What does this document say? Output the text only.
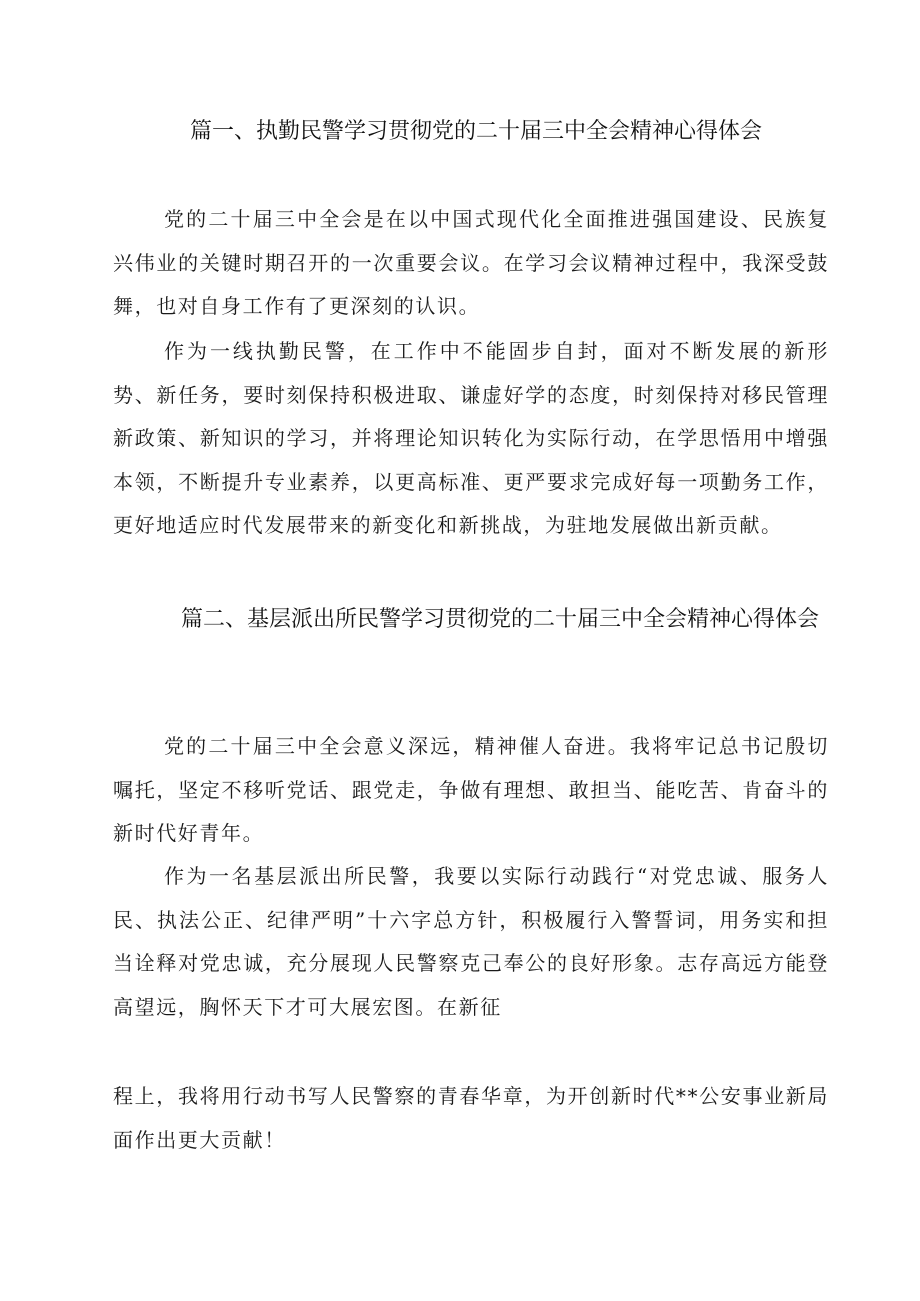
篇一、执勤民警学习贯彻党的二十届三中全会精神心得体会

党的二十届三中全会是在以中国式现代化全面推进强国建设、民族复兴伟业的关键时期召开的一次重要会议。在学习会议精神过程中，我深受鼓舞，也对自身工作有了更深刻的认识。

作为一线执勤民警，在工作中不能固步自封，面对不断发展的新形势、新任务，要时刻保持积极进取、谦虚好学的态度，时刻保持对移民管理新政策、新知识的学习，并将理论知识转化为实际行动，在学思悟用中增强本领，不断提升专业素养，以更高标准、更严要求完成好每一项勤务工作，更好地适应时代发展带来的新变化和新挑战，为驻地发展做出新贡献。

篇二、基层派出所民警学习贯彻党的二十届三中全会精神心得体会

党的二十届三中全会意义深远，精神催人奋进。我将牢记总书记殷切嘱托，坚定不移听党话、跟党走，争做有理想、敢担当、能吃苦、肯奋斗的新时代好青年。

作为一名基层派出所民警，我要以实际行动践行“对党忠诚、服务人民、执法公正、纪律严明”十六字总方针，积极履行入警誓词，用务实和担当诠释对党忠诚，充分展现人民警察克己奉公的良好形象。志存高远方能登高望远，胸怀天下才可大展宏图。在新征

程上，我将用行动书写人民警察的青春华章，为开创新时代**公安事业新局面作出更大贡献！
